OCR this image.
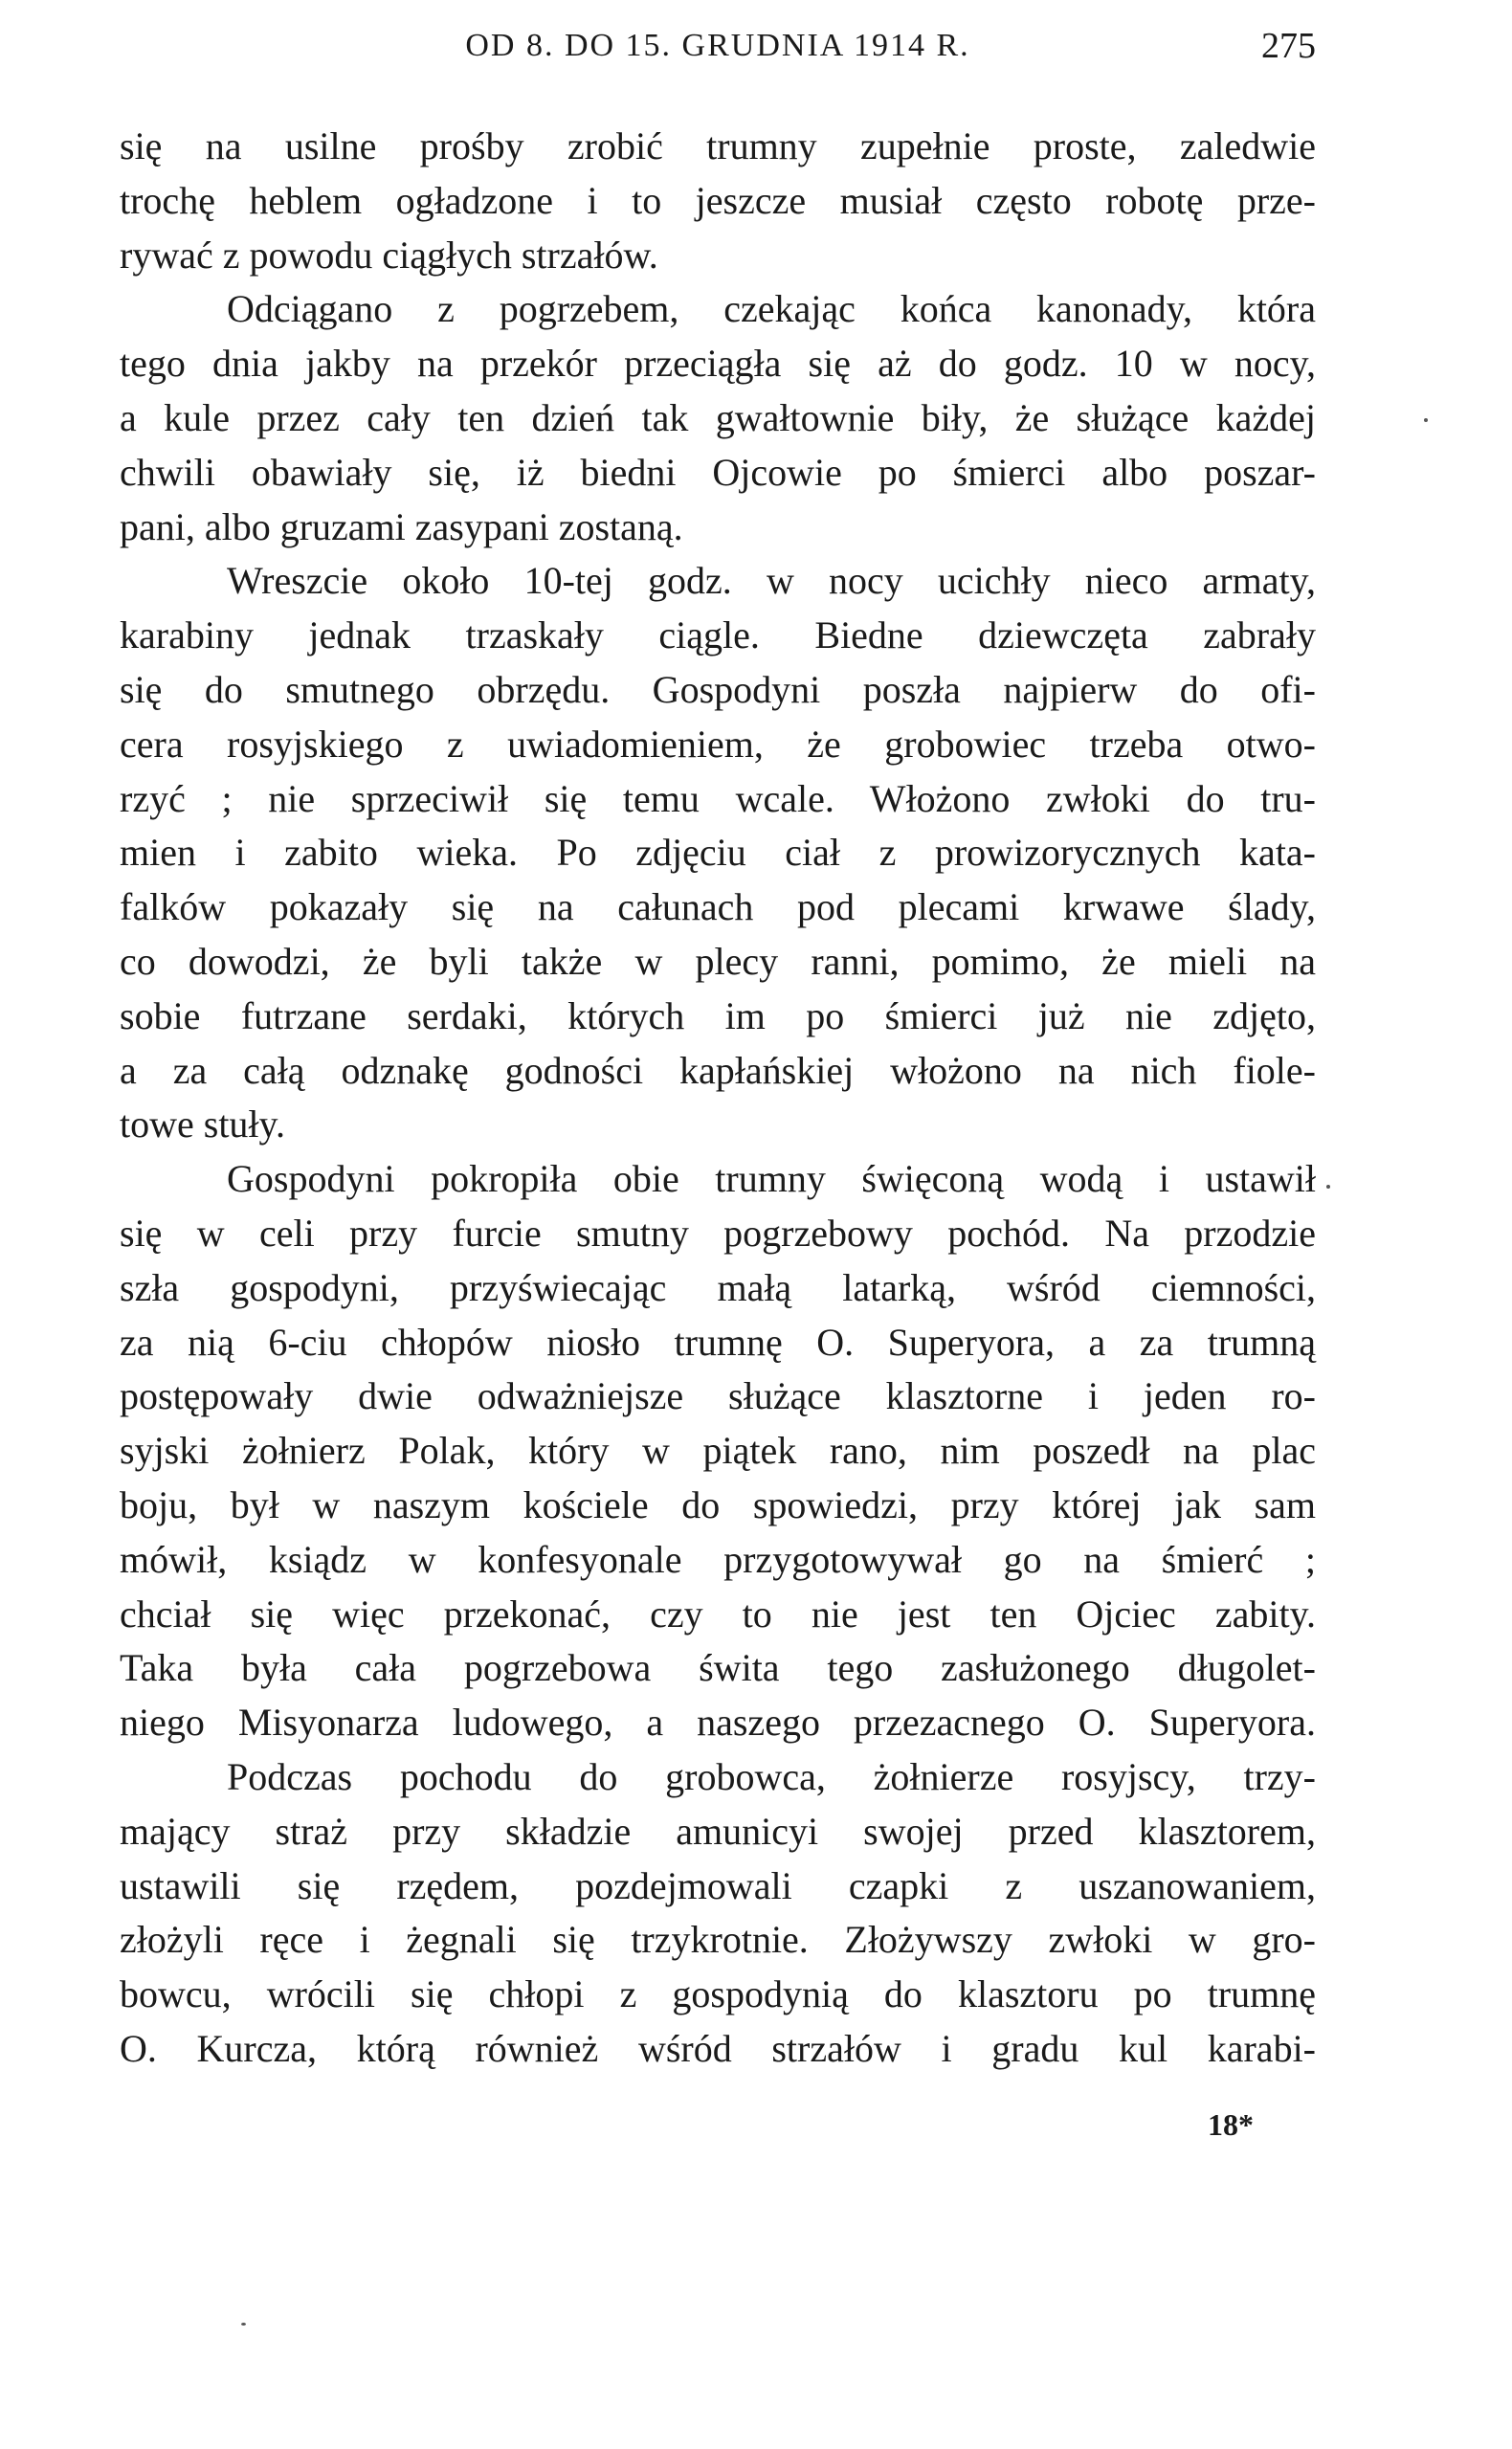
OD 8. DO 15. GRUDNIA 1914 R.	275
się na usilne prośby zrobić trumny zupełnie proste, zaledwie
trochę heblem ogładzone i to jeszcze musiał często robotę prze-
rywać z powodu ciągłych strzałów.
Odciągano z pogrzebem, czekając końca kanonady, która
tego dnia jakby na przekór przeciągła się aż do godz. 10 w nocy,
a kule przez cały ten dzień tak gwałtownie biły, że służące każdej
chwili obawiały się, iż biedni Ojcowie po śmierci albo poszar-
pani, albo gruzami zasypani zostaną.
Wreszcie około 10-tej godz. w nocy ucichły nieco armaty,
karabiny jednak trzaskały ciągle. Biedne dziewczęta zabrały
się do smutnego obrzędu. Gospodyni poszła najpierw do ofi-
cera rosyjskiego z uwiadomieniem, że grobowiec trzeba otwo-
rzyć ; nie sprzeciwił się temu wcale. Włożono zwłoki do tru-
mien i zabito wieka. Po zdjęciu ciał z prowizorycznych kata-
falków pokazały się na całunach pod plecami krwawe ślady,
co dowodzi, że byli także w plecy ranni, pomimo, że mieli na
sobie futrzane serdaki, których im po śmierci już nie zdjęto,
a za całą odznakę godności kapłańskiej włożono na nich fiole-
towe stuły.
Gospodyni pokropiła obie trumny święconą wodą i ustawił
się w celi przy furcie smutny pogrzebowy pochód. Na przodzie
szła gospodyni, przyświecając małą latarką, wśród ciemności,
za nią 6-ciu chłopów niosło trumnę O. Superyora, a za trumną
postępowały dwie odważniejsze służące klasztorne i jeden ro-
syjski żołnierz Polak, który w piątek rano, nim poszedł na plac
boju, był w naszym kościele do spowiedzi, przy której jak sam
mówił, ksiądz w konfesyonale przygotowywał go na śmierć ;
chciał się więc przekonać, czy to nie jest ten Ojciec zabity.
Taka była cała pogrzebowa świta tego zasłużonego długolet-
niego Misyonarza ludowego, a naszego przezacnego O. Superyora.
Podczas pochodu do grobowca, żołnierze rosyjscy, trzy-
mający straż przy składzie amunicyi swojej przed klasztorem,
ustawili się rzędem, pozdejmowali czapki z uszanowaniem,
złożyli ręce i żegnali się trzykrotnie. Złożywszy zwłoki w gro-
bowcu, wrócili się chłopi z gospodynią do klasztoru po trumnę
O. Kurcza, którą również wśród strzałów i gradu kul karabi-
18*
